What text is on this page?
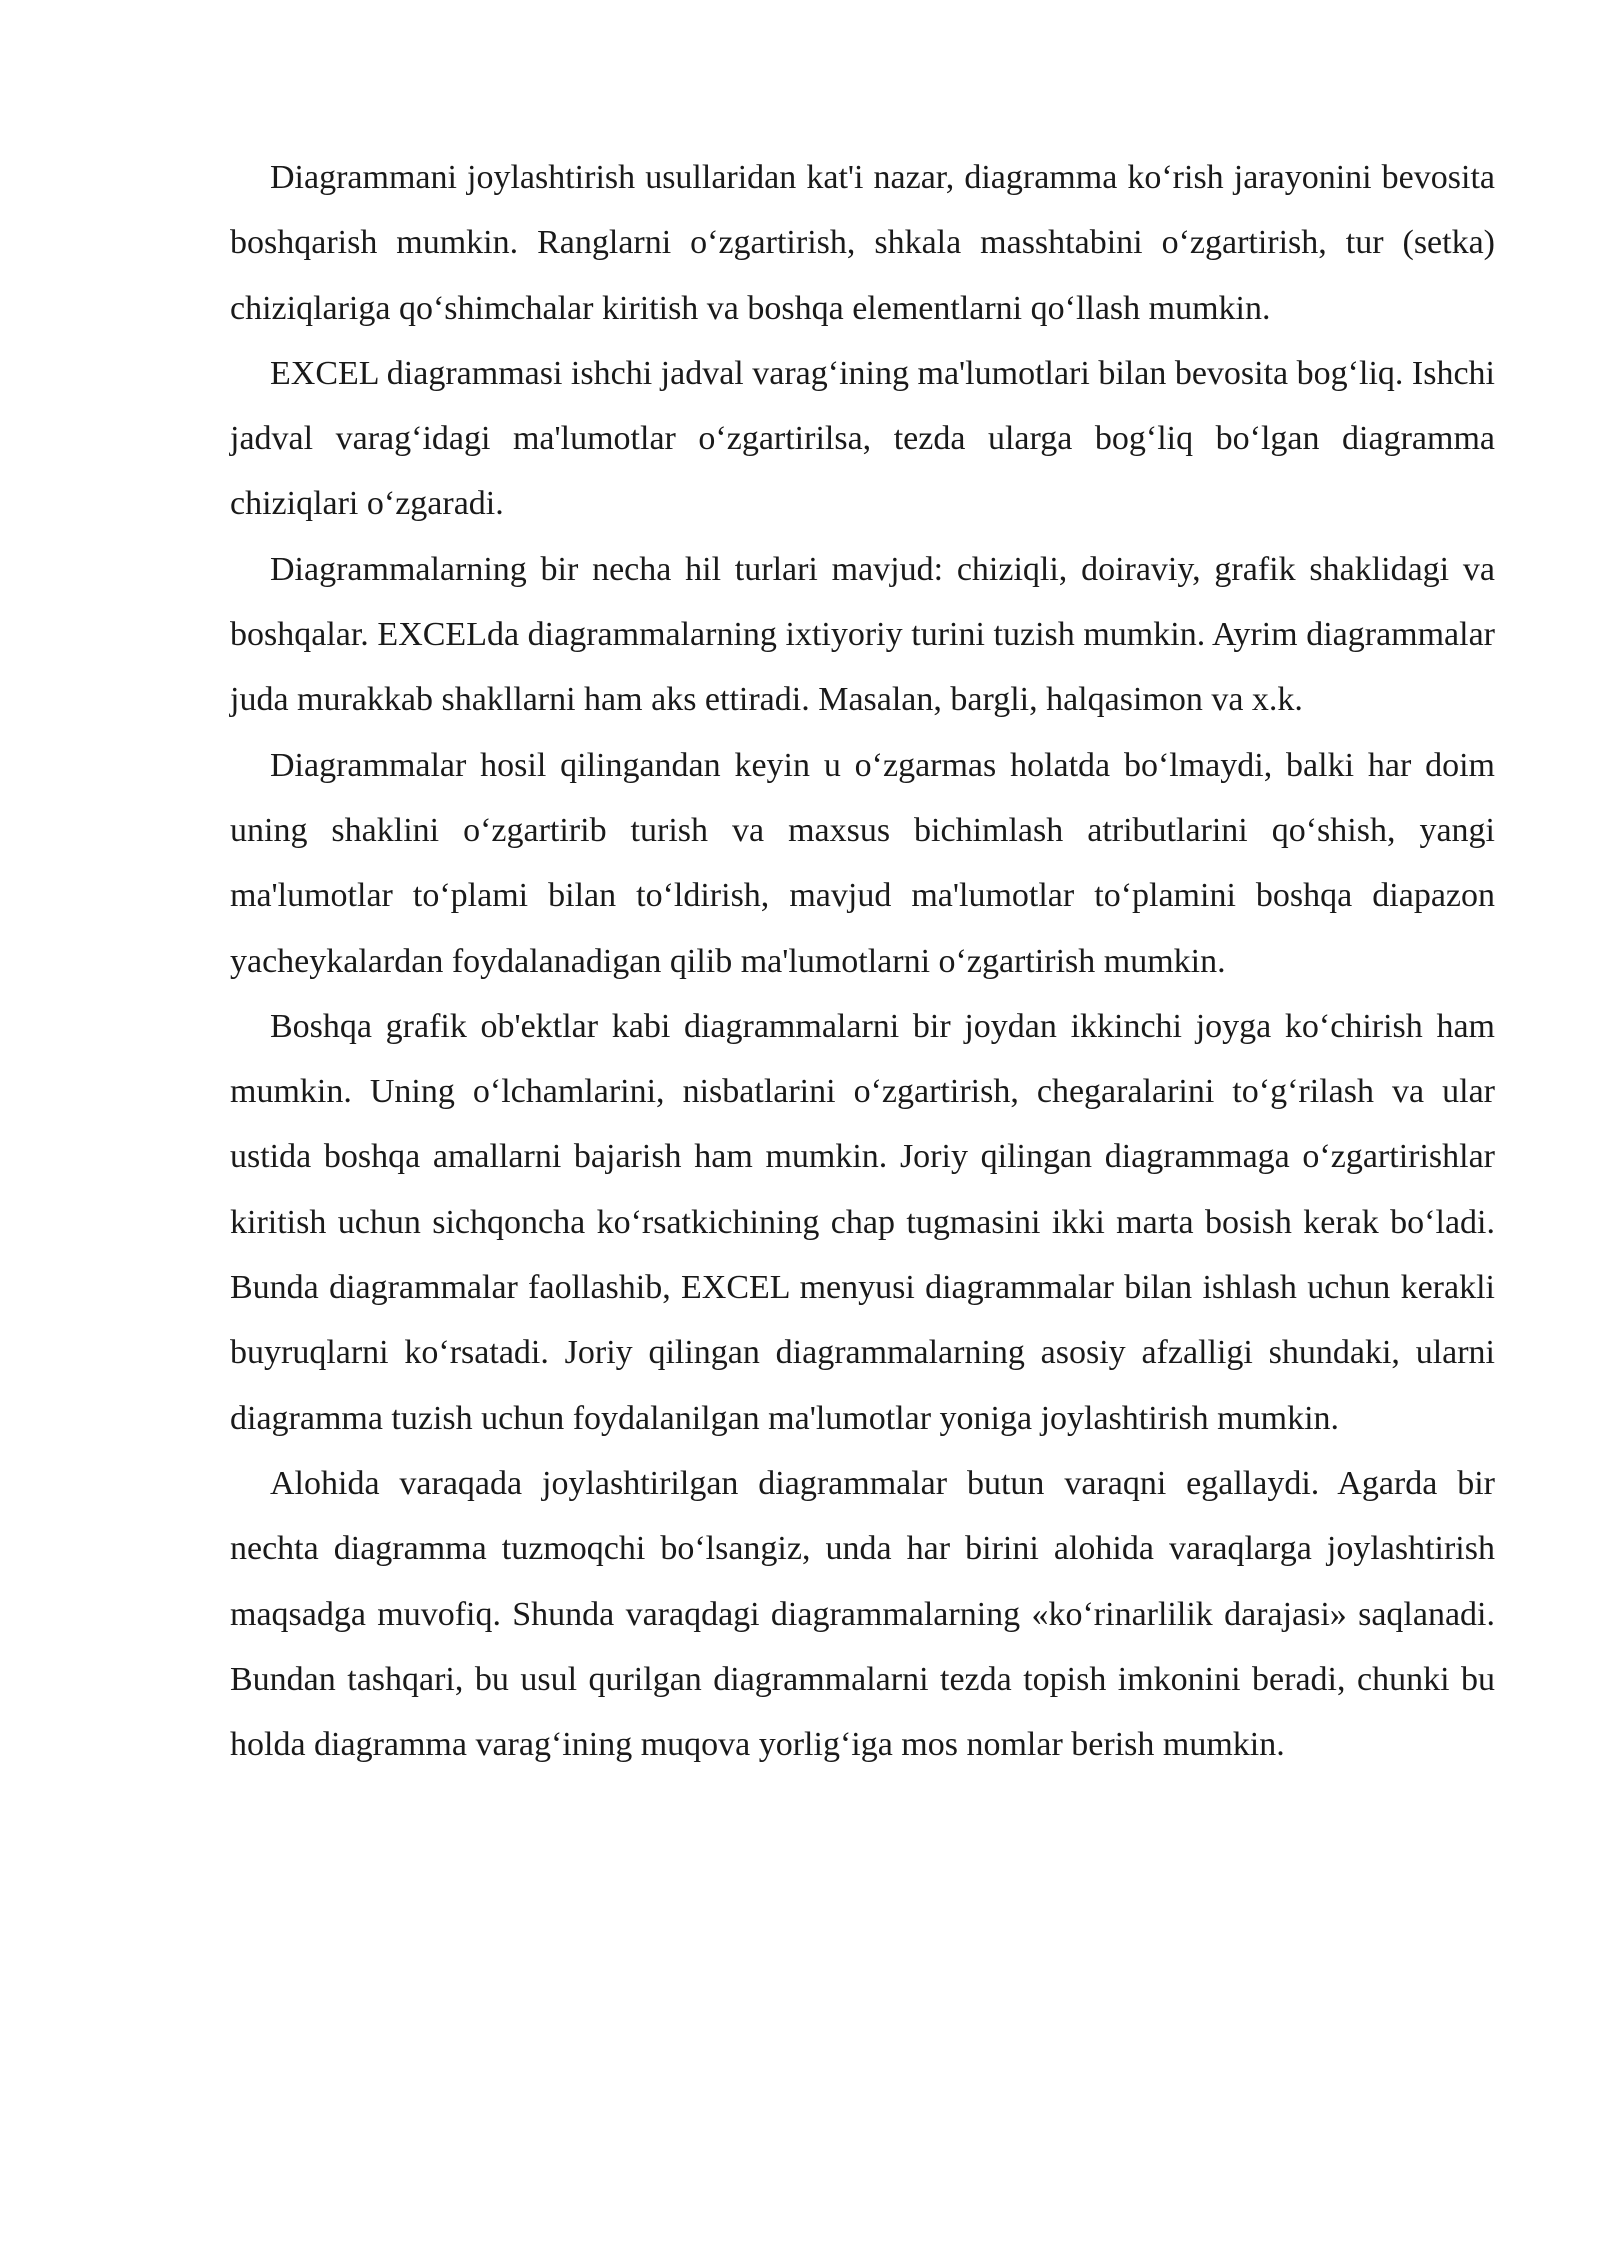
Diagrammani joylashtirish usullaridan kat'i nazar, diagramma ko‘rish jarayonini bevosita boshqarish mumkin. Ranglarni o‘zgartirish, shkala masshtabini o‘zgartirish, tur (setka) chiziqlariga qo‘shimchalar kiritish va boshqa elementlarni qo‘llash mumkin.

EXCEL diagrammasi ishchi jadval varag‘ining ma'lumotlari bilan bevosita bog‘liq. Ishchi jadval varag‘idagi ma'lumotlar o‘zgartirilsa, tezda ularga bog‘liq bo‘lgan diagramma chiziqlari o‘zgaradi.

Diagrammalarning bir necha hil turlari mavjud: chiziqli, doiraviy, grafik shaklidagi va boshqalar. EXCELda diagrammalarning ixtiyoriy turini tuzish mumkin. Ayrim diagrammalar juda murakkab shakllarni ham aks ettiradi. Masalan, bargli, halqasimon va x.k.

Diagrammalar hosil qilingandan keyin u o‘zgarmas holatda bo‘lmaydi, balki har doim uning shaklini o‘zgartirib turish va maxsus bichimlash atributlarini qo‘shish, yangi ma'lumotlar to‘plami bilan to‘ldirish, mavjud ma'lumotlar to‘plamini boshqa diapazon yacheykalardan foydalanadigan qilib ma'lumotlarni o‘zgartirish mumkin.

Boshqa grafik ob'ektlar kabi diagrammalarni bir joydan ikkinchi joyga ko‘chirish ham mumkin. Uning o‘lchamlarini, nisbatlarini o‘zgartirish, chegaralarini to‘g‘rilash va ular ustida boshqa amallarni bajarish ham mumkin. Joriy qilingan diagrammaga o‘zgartirishlar kiritish uchun sichqoncha ko‘rsatkichining chap tugmasini ikki marta bosish kerak bo‘ladi. Bunda diagrammalar faollashib, EXCEL menyusi diagrammalar bilan ishlash uchun kerakli buyruqlarni ko‘rsatadi. Joriy qilingan diagrammalarning asosiy afzalligi shundaki, ularni diagramma tuzish uchun foydalanilgan ma'lumotlar yoniga joylashtirish mumkin.

Alohida varaqada joylashtirilgan diagrammalar butun varaqni egallaydi. Agarda bir nechta diagramma tuzmoqchi bo‘lsangiz, unda har birini alohida varaqlarga joylashtirish maqsadga muvofiq. Shunda varaqdagi diagrammalarning «ko‘rinarlilik darajasi» saqlanadi. Bundan tashqari, bu usul qurilgan diagrammalarni tezda topish imkonini beradi, chunki bu holda diagramma varag‘ining muqova yorlig‘iga mos nomlar berish mumkin.
